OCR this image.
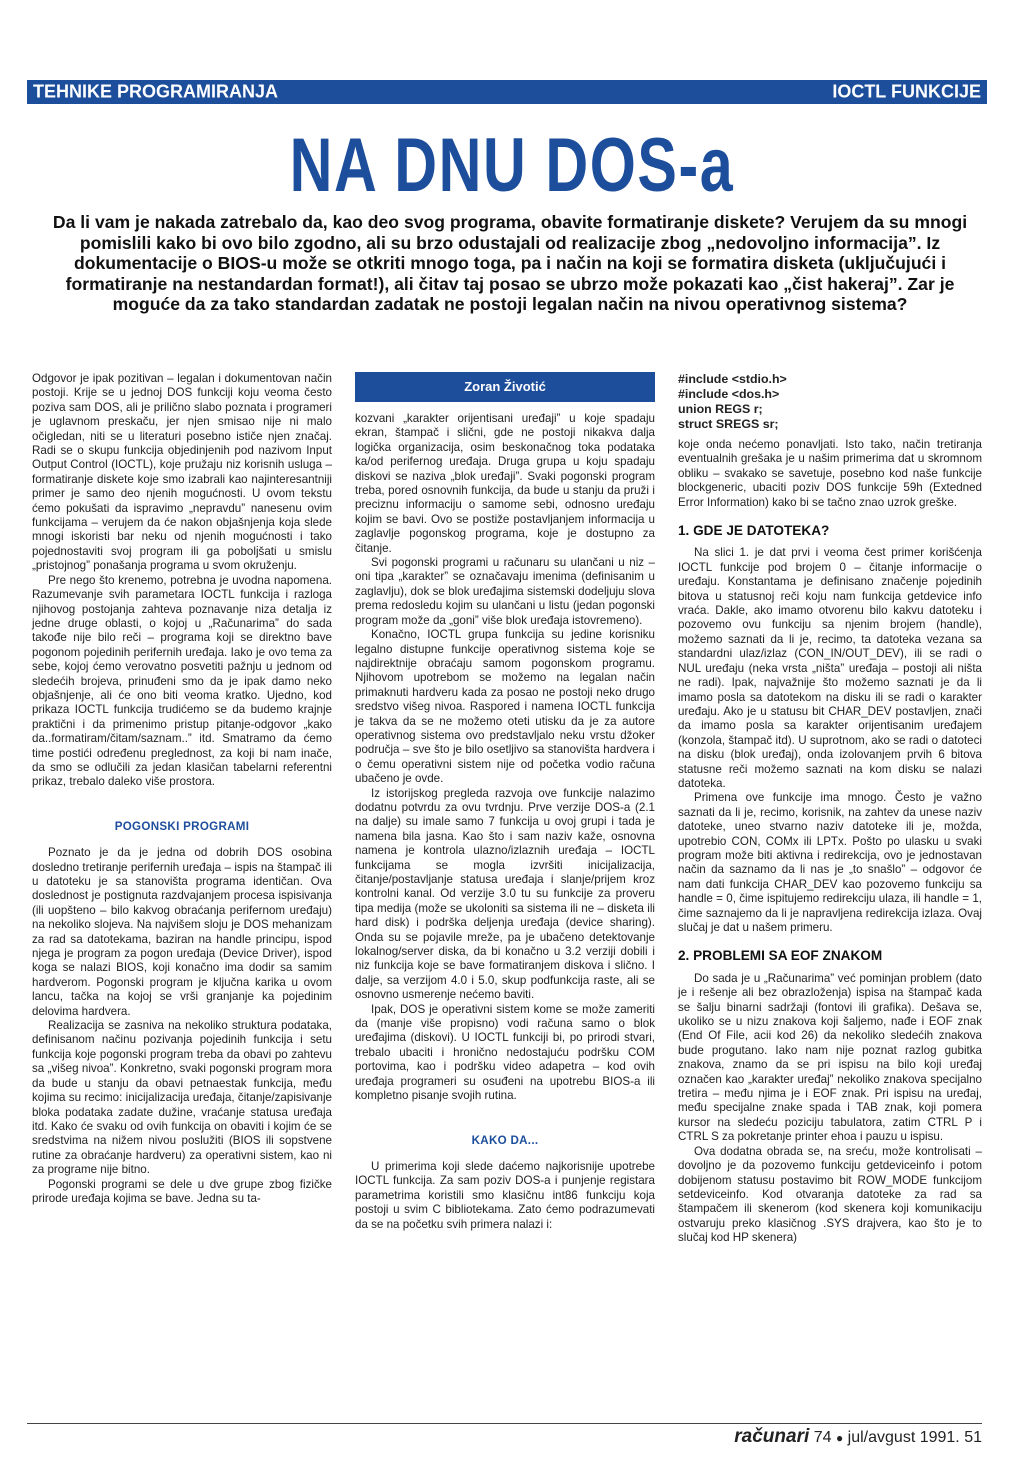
TEHNIKE PROGRAMIRANJA	IOCTL FUNKCIJE
NA DNU DOS-a
Da li vam je nakada zatrebalo da, kao deo svog programa, obavite formatiranje diskete? Verujem da su mnogi pomislili kako bi ovo bilo zgodno, ali su brzo odustajali od realizacije zbog „nedovoljno informacija”. Iz dokumentacije o BIOS-u može se otkriti mnogo toga, pa i način na koji se formatira disketa (uključujući i formatiranje na nestandardan format!), ali čitav taj posao se ubrzo može pokazati kao „čist hakeraj”. Zar je moguće da za tako standardan zadatak ne postoji legalan način na nivou operativnog sistema?

Odgovor je ipak pozitivan – legalan i dokumentovan način postoji. Krije se u jednoj DOS funkciji koju veoma često poziva sam DOS, ali je prilično slabo poznata i programeri je uglavnom preskaču, jer njen smisao nije ni malo očigledan, niti se u literaturi posebno ističe njen značaj. Radi se o skupu funkcija objedinjenih pod nazivom Input Output Control (IOCTL), koje pružaju niz korisnih usluga – formatiranje diskete koje smo izabrali kao najinteresantniji primer je samo deo njenih mogućnosti. U ovom tekstu ćemo pokušati da ispravimo „nepravdu” nanesenu ovim funkcijama – verujem da će nakon objašnjenja koja slede mnogi iskoristi bar neku od njenih mogućnosti i tako pojednostaviti svoj program ili ga pobolјšati u smislu „pristojnog” ponašanja programa u svom okruženju.

Pre nego što krenemo, potrebna je uvodna napomena. Razumevanje svih parametara IOCTL funkcija i razloga njihovog postojanja zahteva poznavanje niza detalja iz jedne druge oblasti, o kojoj u „Računarima” do sada takođe nije bilo reči – programa koji se direktno bave pogonom pojedinih perifernih uređaja. Iako je ovo tema za sebe, kojoj ćemo verovatno posvetiti pažnju u jednom od sledećih brojeva, prinuđeni smo da je ipak damo neko objašnjenje, ali će ono biti veoma kratko. Ujedno, kod prikaza IOCTL funkcija trudićemo se da budemo krajnje praktični i da primenimo pristup pitanje-odgovor „kako da..formatiram/čitam/saznam..” itd. Smatramo da ćemo time postići određenu preglednost, za koji bi nam inače, da smo se odlučili za jedan klasičan tabelarni referentni prikaz, trebalo daleko više prostora.

POGONSKI PROGRAMI

Poznato je da je jedna od dobrih DOS osobina dosledno tretiranje perifernih uređaja – ispis na štampač ili u datoteku je sa stanovišta programa identičan. Ova doslednost je postignuta razdvajanjem procesa ispisivanja (ili uopšteno – bilo kakvog obraćanja perifernom uređaju) na nekoliko slojeva. Na najvišem sloju je DOS mehanizam za rad sa datotekama, baziran na handle principu, ispod njega je program za pogon uređaja (Device Driver), ispod koga se nalazi BIOS, koji konačno ima dodir sa samim hardverom. Pogonski program je ključna karika u ovom lancu, tačka na kojoj se vrši granjanje ka pojedinim delovima hardvera.

Realizacija se zasniva na nekoliko struktura podataka, definisanom načinu pozivanja pojedinih funkcija i setu funkcija koje pogonski program treba da obavi po zahtevu sa „višeg nivoa”. Konkretno, svaki pogonski program mora da bude u stanju da obavi petnaestak funkcija, među kojima su recimo: inicijalizacija uređaja, čitanje/zapisivanje bloka podataka zadate dužine, vraćanje statusa uređaja itd. Kako će svaku od ovih funkcija on obaviti i kojim će se sredstvima na nižem nivou poslužiti (BIOS ili sopstvene rutine za obraćanje hardveru) za operativni sistem, kao ni za programe nije bitno.

Pogonski programi se dele u dve grupe zbog fizičke prirode uređaja kojima se bave. Jedna su ta-

Zoran Životić

kozvani „karakter orijentisani uređaji” u koje spadaju ekran, štampač i slični, gde ne postoji nikakva dalja logička organizacija, osim beskonačnog toka podataka ka/od perifernog uređaja. Druga grupa u koju spadaju diskovi se naziva „blok uređaji”. Svaki pogonski program treba, pored osnovnih funkcija, da bude u stanju da pruži i preciznu informaciju o samome sebi, odnosno uređaju kojim se bavi. Ovo se postiže postavljanjem informacija u zaglavlje pogonskog programa, koje je dostupno za čitanje.

Svi pogonski programi u računaru su ulančani u niz – oni tipa „karakter” se označavaju imenima (definisanim u zaglavlju), dok se blok uređajima sistemski dodeljuju slova prema redosledu kojim su ulančani u listu (jedan pogonski program može da „goni” više blok uređaja istovremeno).

Konačno, IOCTL grupa funkcija su jedine korisniku legalno distupne funkcije operativnog sistema koje se najdirektnije obraćaju samom pogonskom programu. Njihovom upotrebom se možemo na legalan način primaknuti hardveru kada za posao ne postoji neko drugo sredstvo višeg nivoa. Raspored i namena IOCTL funkcija je takva da se ne možemo oteti utisku da je za autore operativnog sistema ovo predstavljalo neku vrstu džoker područja – sve što je bilo osetljivo sa stanovišta hardvera i o čemu operativni sistem nije od početka vodio računa ubačeno je ovde.

Iz istorijskog pregleda razvoja ove funkcije nalazimo dodatnu potvrdu za ovu tvrdnju. Prve verzije DOS-a (2.1 na dalje) su imale samo 7 funkcija u ovoj grupi i tada je namena bila jasna. Kao što i sam naziv kaže, osnovna namena je kontrola ulazno/izlaznih uređaja – IOCTL funkcijama se mogla izvršiti inicijalizacija, čitanje/postavljanje statusa uređaja i slanje/prijem kroz kontrolni kanal. Od verzije 3.0 tu su funkcije za proveru tipa medija (može se ukoloniti sa sistema ili ne – disketa ili hard disk) i podrška deljenja uređaja (device sharing). Onda su se pojavile mreže, pa je ubačeno detektovanje lokalnog/server diska, da bi konačno u 3.2 verziji dobili i niz funkcija koje se bave formatiranjem diskova i slično. I dalje, sa verzijom 4.0 i 5.0, skup podfunkcija raste, ali se osnovno usmerenje nećemo baviti.

Ipak, DOS je operativni sistem kome se može zameriti da (manje više propisno) vodi računa samo o blok uređajima (diskovi). U IOCTL funkciji bi, po prirodi stvari, trebalo ubaciti i hronično nedostajuću podršku COM portovima, kao i podršku video adapetra – kod ovih uređaja programeri su osuđeni na upotrebu BIOS-a ili kompletno pisanje svojih rutina.

KAKO DA...

U primerima koji slede daćemo najkorisnije upotrebe IOCTL funkcija. Za sam poziv DOS-a i punjenje registara parametrima koristili smo klasičnu int86 funkciju koja postoji u svim C bibliotekama. Zato ćemo podrazumevati da se na početku svih primera nalazi i:

#include <stdio.h>
#include <dos.h>
union REGS r;
struct SREGS sr;

koje onda nećemo ponavljati. Isto tako, način tretiranja eventualnih grešaka je u našim primerima dat u skromnom obliku – svakako se savetuje, posebno kod naše funkcije blockgeneric, ubaciti poziv DOS funkcije 59h (Extedned Error Information) kako bi se tačno znao uzrok greške.

1. GDE JE DATOTEKA?

Na slici 1. je dat prvi i veoma čest primer korišćenja IOCTL funkcije pod brojem 0 – čitanje informacije o uređaju. Konstantama je definisano značenje pojedinih bitova u statusnoj reči koju nam funkcija getdevice info vraća. Dakle, ako imamo otvorenu bilo kakvu datoteku i pozovemo ovu funkciju sa njenim brojem (handle), možemo saznati da li je, recimo, ta datoteka vezana sa standardni ulaz/izlaz (CON_IN/OUT_DEV), ili se radi o NUL uređaju (neka vrsta „ništa” uređaja – postoji ali ništa ne radi). Ipak, najvažnije što možemo saznati je da li imamo posla sa datotekom na disku ili se radi o karakter uređaju. Ako je u statusu bit CHAR_DEV postavljen, znači da imamo posla sa karakter orijentisanim uređajem (konzola, štampač itd). U suprotnom, ako se radi o datoteci na disku (blok uređaj), onda izolovanjem prvih 6 bitova statusne reči možemo saznati na kom disku se nalazi datoteka.

Primena ove funkcije ima mnogo. Često je važno saznati da li je, recimo, korisnik, na zahtev da unese naziv datoteke, uneo stvarno naziv datoteke ili je, možda, upotrebio CON, COMx ili LPTx. Pošto po ulasku u svaki program može biti aktivna i redirekcija, ovo je jednostavan način da saznamo da li nas je „to snašlo” – odgovor će nam dati funkcija CHAR_DEV kao pozovemo funkciju sa handle = 0, čime ispitujemo redirekciju ulaza, ili handle = 1, čime saznajemo da li je napravljena redirekcija izlaza. Ovaj slučaj je dat u našem primeru.

2. PROBLEMI SA EOF ZNAKOM

Do sada je u „Računarima” već pominjan problem (dato je i rešenje ali bez obrazloženja) ispisa na štampač kada se šalju binarni sadržaji (fontovi ili grafika). Dešava se, ukoliko se u nizu znakova koji šaljemo, nađe i EOF znak (End Of File, acii kod 26) da nekoliko sledećih znakova bude progutano. Iako nam nije poznat razlog gubitka znakova, znamo da se pri ispisu na bilo koji uređaj označen kao „karakter uređaj” nekoliko znakova specijalno tretira – među njima je i EOF znak. Pri ispisu na uređaj, među specijalne znake spada i TAB znak, koji pomera kursor na sledeću poziciju tabulatora, zatim CTRL P i CTRL S za pokretanje printer ehoa i pauzu u ispisu.

Ova dodatna obrada se, na sreću, može kontrolisati – dovoljno je da pozovemo funkciju getdeviceinfo i potom dobijenom statusu postavimo bit ROW_MODE funkcijom setdeviceinfo. Kod otvaranja datoteke za rad sa štampačem ili skenerom (kod skenera koji komunikaciju ostvaruju preko klasičnog .SYS drajvera, kao što je to slučaj kod HP skenera)

računari 74 ● jul/avgust 1991. 51
